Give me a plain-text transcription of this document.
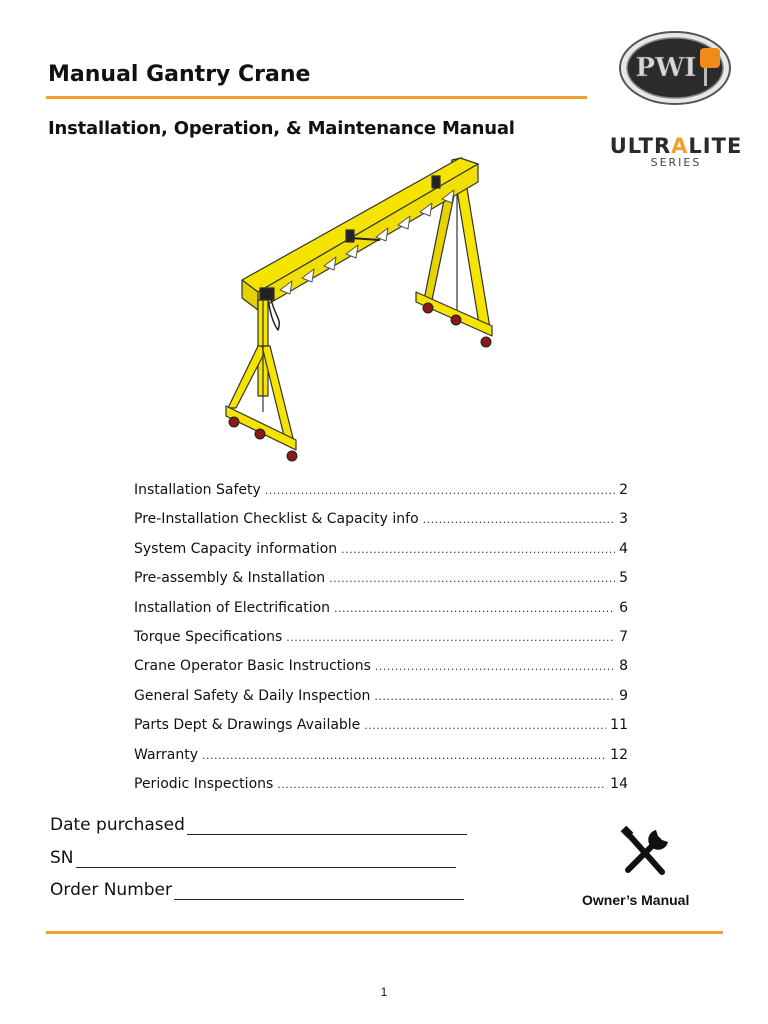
Manual Gantry Crane
Installation, Operation, & Maintenance Manual
PWI
ULTRALITE
SERIES
Installation Safety .....	2
Pre-Installation Checklist & Capacity info .....	3
System Capacity information .....	4
Pre-assembly & Installation .....	5
Installation of Electrification .....	6
Torque Specifications .....	7
Crane Operator Basic Instructions .....	8
General Safety & Daily Inspection .....	9
Parts Dept & Drawings Available .....	11
Warranty .....	12
Periodic Inspections .....	14
Date purchased
SN
Order Number	Owner’s Manual
1
